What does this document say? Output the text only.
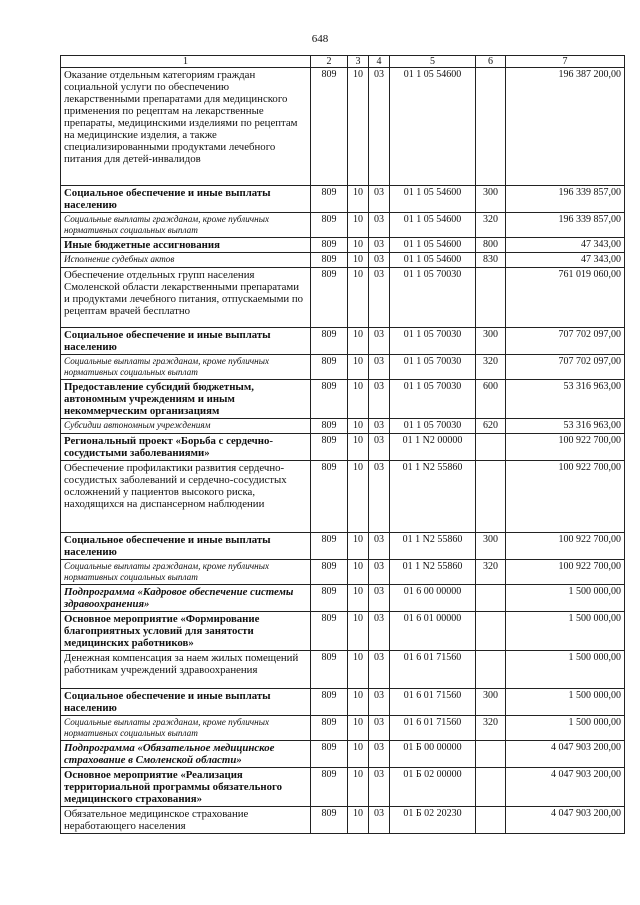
648
1	2	3	4	5	6	7
Оказание отдельным категориям граждан социальной услуги по обеспечению лекарственными препаратами для медицинского применения по рецептам на лекарственные препараты, медицинскими изделиями по рецептам на медицинские изделия, а также специализированными продуктами лечебного питания для детей-инвалидов	809	10	03	01 1 05 54600		196 387 200,00
Социальное обеспечение и иные выплаты населению	809	10	03	01 1 05 54600	300	196 339 857,00
Социальные выплаты гражданам, кроме публичных нормативных социальных выплат	809	10	03	01 1 05 54600	320	196 339 857,00
Иные бюджетные ассигнования	809	10	03	01 1 05 54600	800	47 343,00
Исполнение судебных актов	809	10	03	01 1 05 54600	830	47 343,00
Обеспечение отдельных групп населения Смоленской области лекарственными препаратами и продуктами лечебного питания, отпускаемыми по рецептам врачей бесплатно	809	10	03	01 1 05 70030		761 019 060,00
Социальное обеспечение и иные выплаты населению	809	10	03	01 1 05 70030	300	707 702 097,00
Социальные выплаты гражданам, кроме публичных нормативных социальных выплат	809	10	03	01 1 05 70030	320	707 702 097,00
Предоставление субсидий бюджетным, автономным учреждениям и иным некоммерческим организациям	809	10	03	01 1 05 70030	600	53 316 963,00
Субсидии автономным учреждениям	809	10	03	01 1 05 70030	620	53 316 963,00
Региональный проект «Борьба с сердечно-сосудистыми заболеваниями»	809	10	03	01 1 N2 00000		100 922 700,00
Обеспечение профилактики развития сердечно-сосудистых заболеваний и сердечно-сосудистых осложнений у пациентов высокого риска, находящихся на диспансерном наблюдении	809	10	03	01 1 N2 55860		100 922 700,00
Социальное обеспечение и иные выплаты населению	809	10	03	01 1 N2 55860	300	100 922 700,00
Социальные выплаты гражданам, кроме публичных нормативных социальных выплат	809	10	03	01 1 N2 55860	320	100 922 700,00
Подпрограмма «Кадровое обеспечение системы здравоохранения»	809	10	03	01 6 00 00000		1 500 000,00
Основное мероприятие «Формирование благоприятных условий для занятости медицинских работников»	809	10	03	01 6 01 00000		1 500 000,00
Денежная компенсация за наем жилых помещений работникам учреждений здравоохранения	809	10	03	01 6 01 71560		1 500 000,00
Социальное обеспечение и иные выплаты населению	809	10	03	01 6 01 71560	300	1 500 000,00
Социальные выплаты гражданам, кроме публичных нормативных социальных выплат	809	10	03	01 6 01 71560	320	1 500 000,00
Подпрограмма «Обязательное медицинское страхование в Смоленской области»	809	10	03	01 Б 00 00000		4 047 903 200,00
Основное мероприятие «Реализация территориальной программы обязательного медицинского страхования»	809	10	03	01 Б 02 00000		4 047 903 200,00
Обязательное медицинское страхование неработающего населения	809	10	03	01 Б 02 20230		4 047 903 200,00
